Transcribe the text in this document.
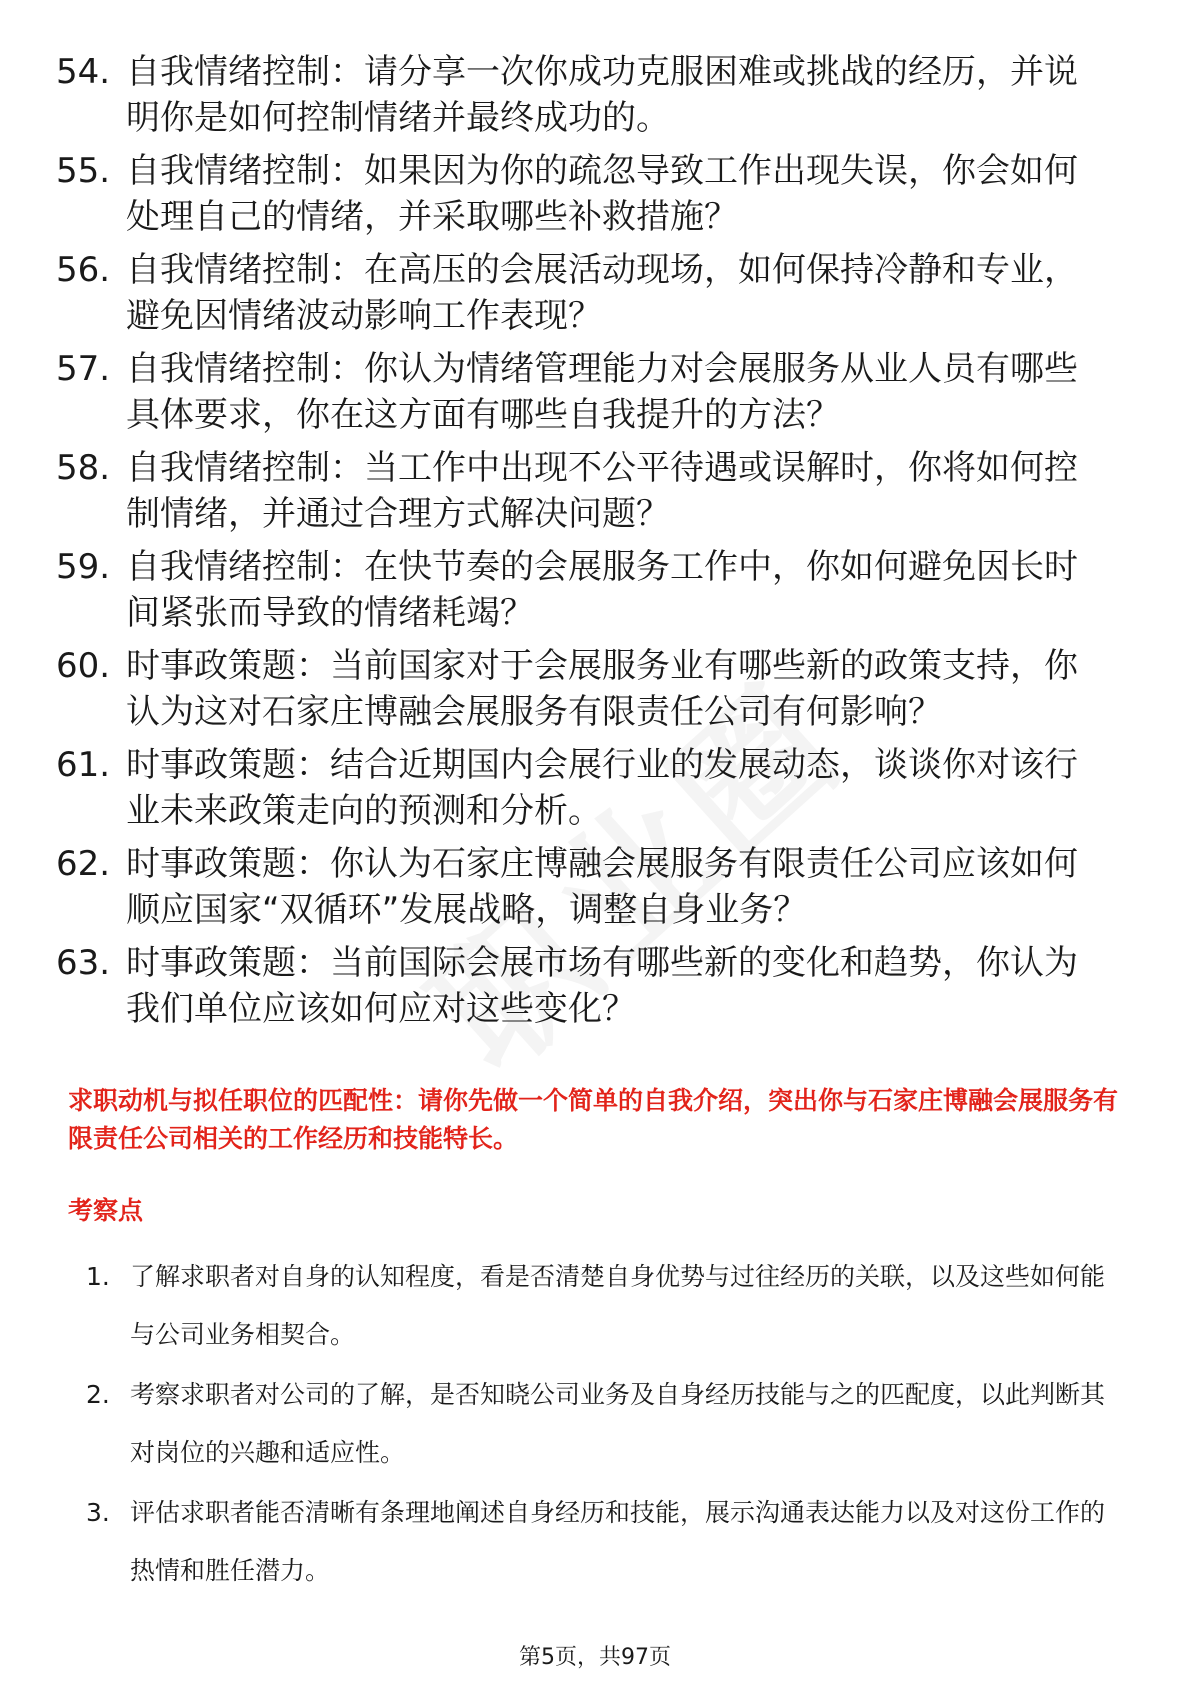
54. 自我情绪控制：请分享一次你成功克服困难或挑战的经历，并说明你是如何控制情绪并最终成功的。
55. 自我情绪控制：如果因为你的疏忽导致工作出现失误，你会如何处理自己的情绪，并采取哪些补救措施？
56. 自我情绪控制：在高压的会展活动现场，如何保持冷静和专业，避免因情绪波动影响工作表现？
57. 自我情绪控制：你认为情绪管理能力对会展服务从业人员有哪些具体要求，你在这方面有哪些自我提升的方法？
58. 自我情绪控制：当工作中出现不公平待遇或误解时，你将如何控制情绪，并通过合理方式解决问题？
59. 自我情绪控制：在快节奏的会展服务工作中，你如何避免因长时间紧张而导致的情绪耗竭？
60. 时事政策题：当前国家对于会展服务业有哪些新的政策支持，你认为这对石家庄博融会展服务有限责任公司有何影响？
61. 时事政策题：结合近期国内会展行业的发展动态，谈谈你对该行业未来政策走向的预测和分析。
62. 时事政策题：你认为石家庄博融会展服务有限责任公司应该如何顺应国家“双循环”发展战略，调整自身业务？
63. 时事政策题：当前国际会展市场有哪些新的变化和趋势，你认为我们单位应该如何应对这些变化？
求职动机与拟任职位的匹配性：请你先做一个简单的自我介绍，突出你与石家庄博融会展服务有限责任公司相关的工作经历和技能特长。
考察点
1. 了解求职者对自身的认知程度，看是否清楚自身优势与过往经历的关联，以及这些如何能与公司业务相契合。
2. 考察求职者对公司的了解，是否知晓公司业务及自身经历技能与之的匹配度，以此判断其对岗位的兴趣和适应性。
3. 评估求职者能否清晰有条理地阐述自身经历和技能，展示沟通表达能力以及对这份工作的热情和胜任潜力。
第5页，共97页
